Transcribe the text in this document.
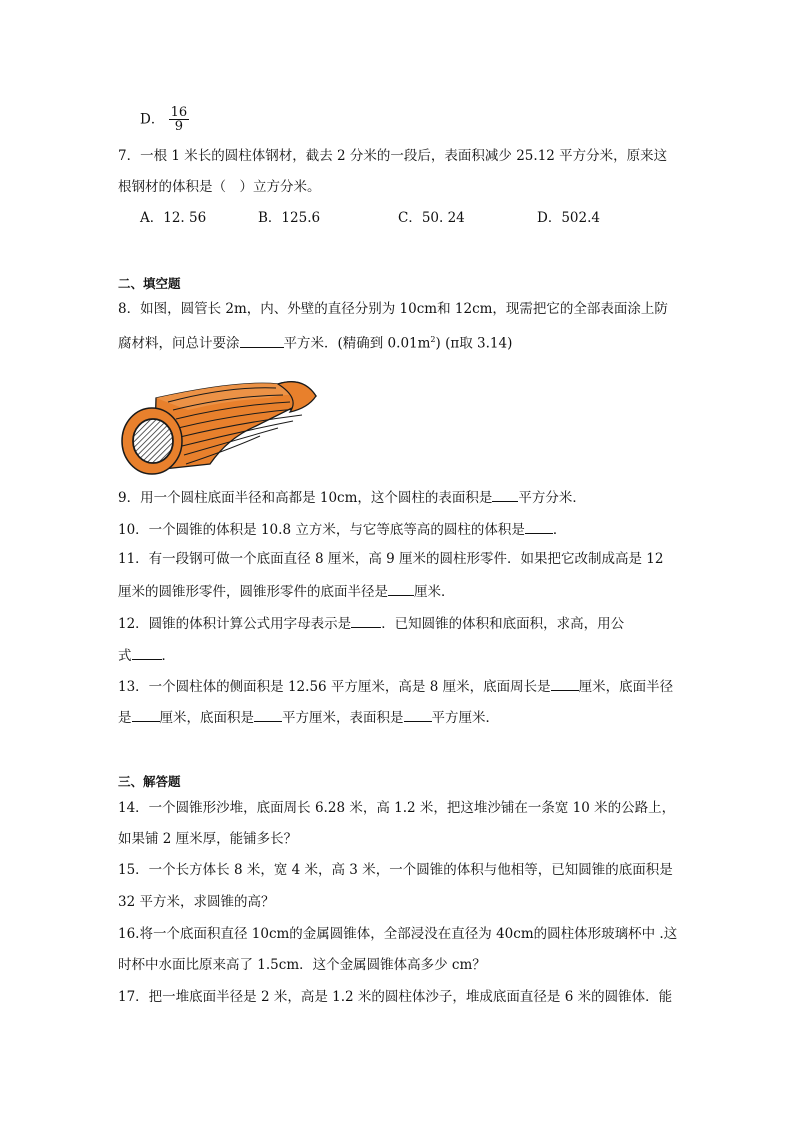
D． $\frac{16}{9}$
7．一根 1 米长的圆柱体钢材，截去 2 分米的一段后，表面积减少 25.12 平方分米，原来这
根钢材的体积是（　）立方分米。
A．12. 56	B．125.6	C．50. 24	D．502.4
二、填空题
8．如图，圆管长 2m，内、外壁的直径分别为 10cm和 12cm，现需把它的全部表面涂上防
腐材料，问总计要涂	平方米．(精确到 $0.01m^2$) (π取 3.14)
9．用一个圆柱底面半径和高都是 10cm，这个圆柱的表面积是 平方分米．
10．一个圆锥的体积是 10.8 立方米，与它等底等高的圆柱的体积是 ．
11．有一段钢可做一个底面直径 8 厘米，高 9 厘米的圆柱形零件．如果把它改制成高是 12
厘米的圆锥形零件，圆锥形零件的底面半径是 厘米．
12．圆锥的体积计算公式用字母表示是 ．已知圆锥的体积和底面积，求高，用公
式 ．
13．一个圆柱体的侧面积是 12.56 平方厘米，高是 8 厘米，底面周长是 厘米，底面半径
是 厘米，底面积是 平方厘米，表面积是 平方厘米．
三、解答题
14．一个圆锥形沙堆，底面周长 6.28 米，高 1.2 米，把这堆沙铺在一条宽 10 米的公路上，
如果铺 2 厘米厚，能铺多长？
15．一个长方体长 8 米，宽 4 米，高 3 米，一个圆锥的体积与他相等，已知圆锥的底面积是
32 平方米，求圆锥的高？
16.将一个底面积直径 10cm的金属圆锥体，全部浸没在直径为 40cm的圆柱体形玻璃杯中 .这
时杯中水面比原来高了 1.5cm．这个金属圆锥体高多少 cm？
17．把一堆底面半径是 2 米，高是 1.2 米的圆柱体沙子，堆成底面直径是 6 米的圆锥体．能
